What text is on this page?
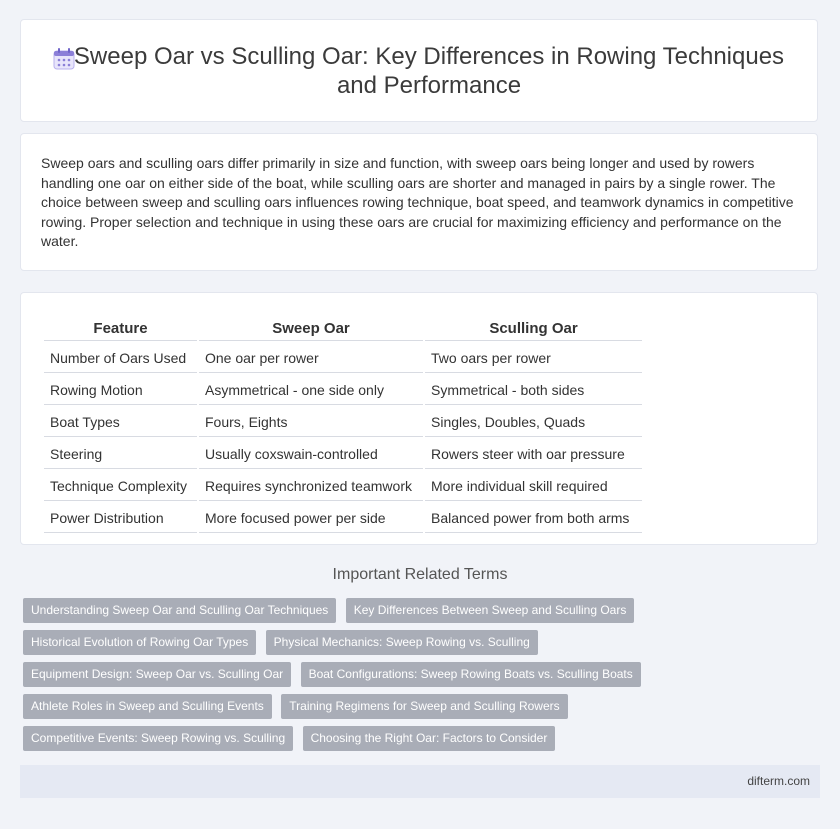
Sweep Oar vs Sculling Oar: Key Differences in Rowing Techniques and Performance

Sweep oars and sculling oars differ primarily in size and function, with sweep oars being longer and used by rowers handling one oar on either side of the boat, while sculling oars are shorter and managed in pairs by a single rower. The choice between sweep and sculling oars influences rowing technique, boat speed, and teamwork dynamics in competitive rowing. Proper selection and technique in using these oars are crucial for maximizing efficiency and performance on the water.

Feature	Sweep Oar	Sculling Oar
Number of Oars Used	One oar per rower	Two oars per rower
Rowing Motion	Asymmetrical - one side only	Symmetrical - both sides
Boat Types	Fours, Eights	Singles, Doubles, Quads
Steering	Usually coxswain-controlled	Rowers steer with oar pressure
Technique Complexity	Requires synchronized teamwork	More individual skill required
Power Distribution	More focused power per side	Balanced power from both arms
Important Related Terms
Understanding Sweep Oar and Sculling Oar Techniques Key Differences Between Sweep and Sculling Oars Historical Evolution of Rowing Oar Types Physical Mechanics: Sweep Rowing vs. Sculling Equipment Design: Sweep Oar vs. Sculling Oar Boat Configurations: Sweep Rowing Boats vs. Sculling Boats Athlete Roles in Sweep and Sculling Events Training Regimens for Sweep and Sculling Rowers Competitive Events: Sweep Rowing vs. Sculling Choosing the Right Oar: Factors to Consider
difterm.com
